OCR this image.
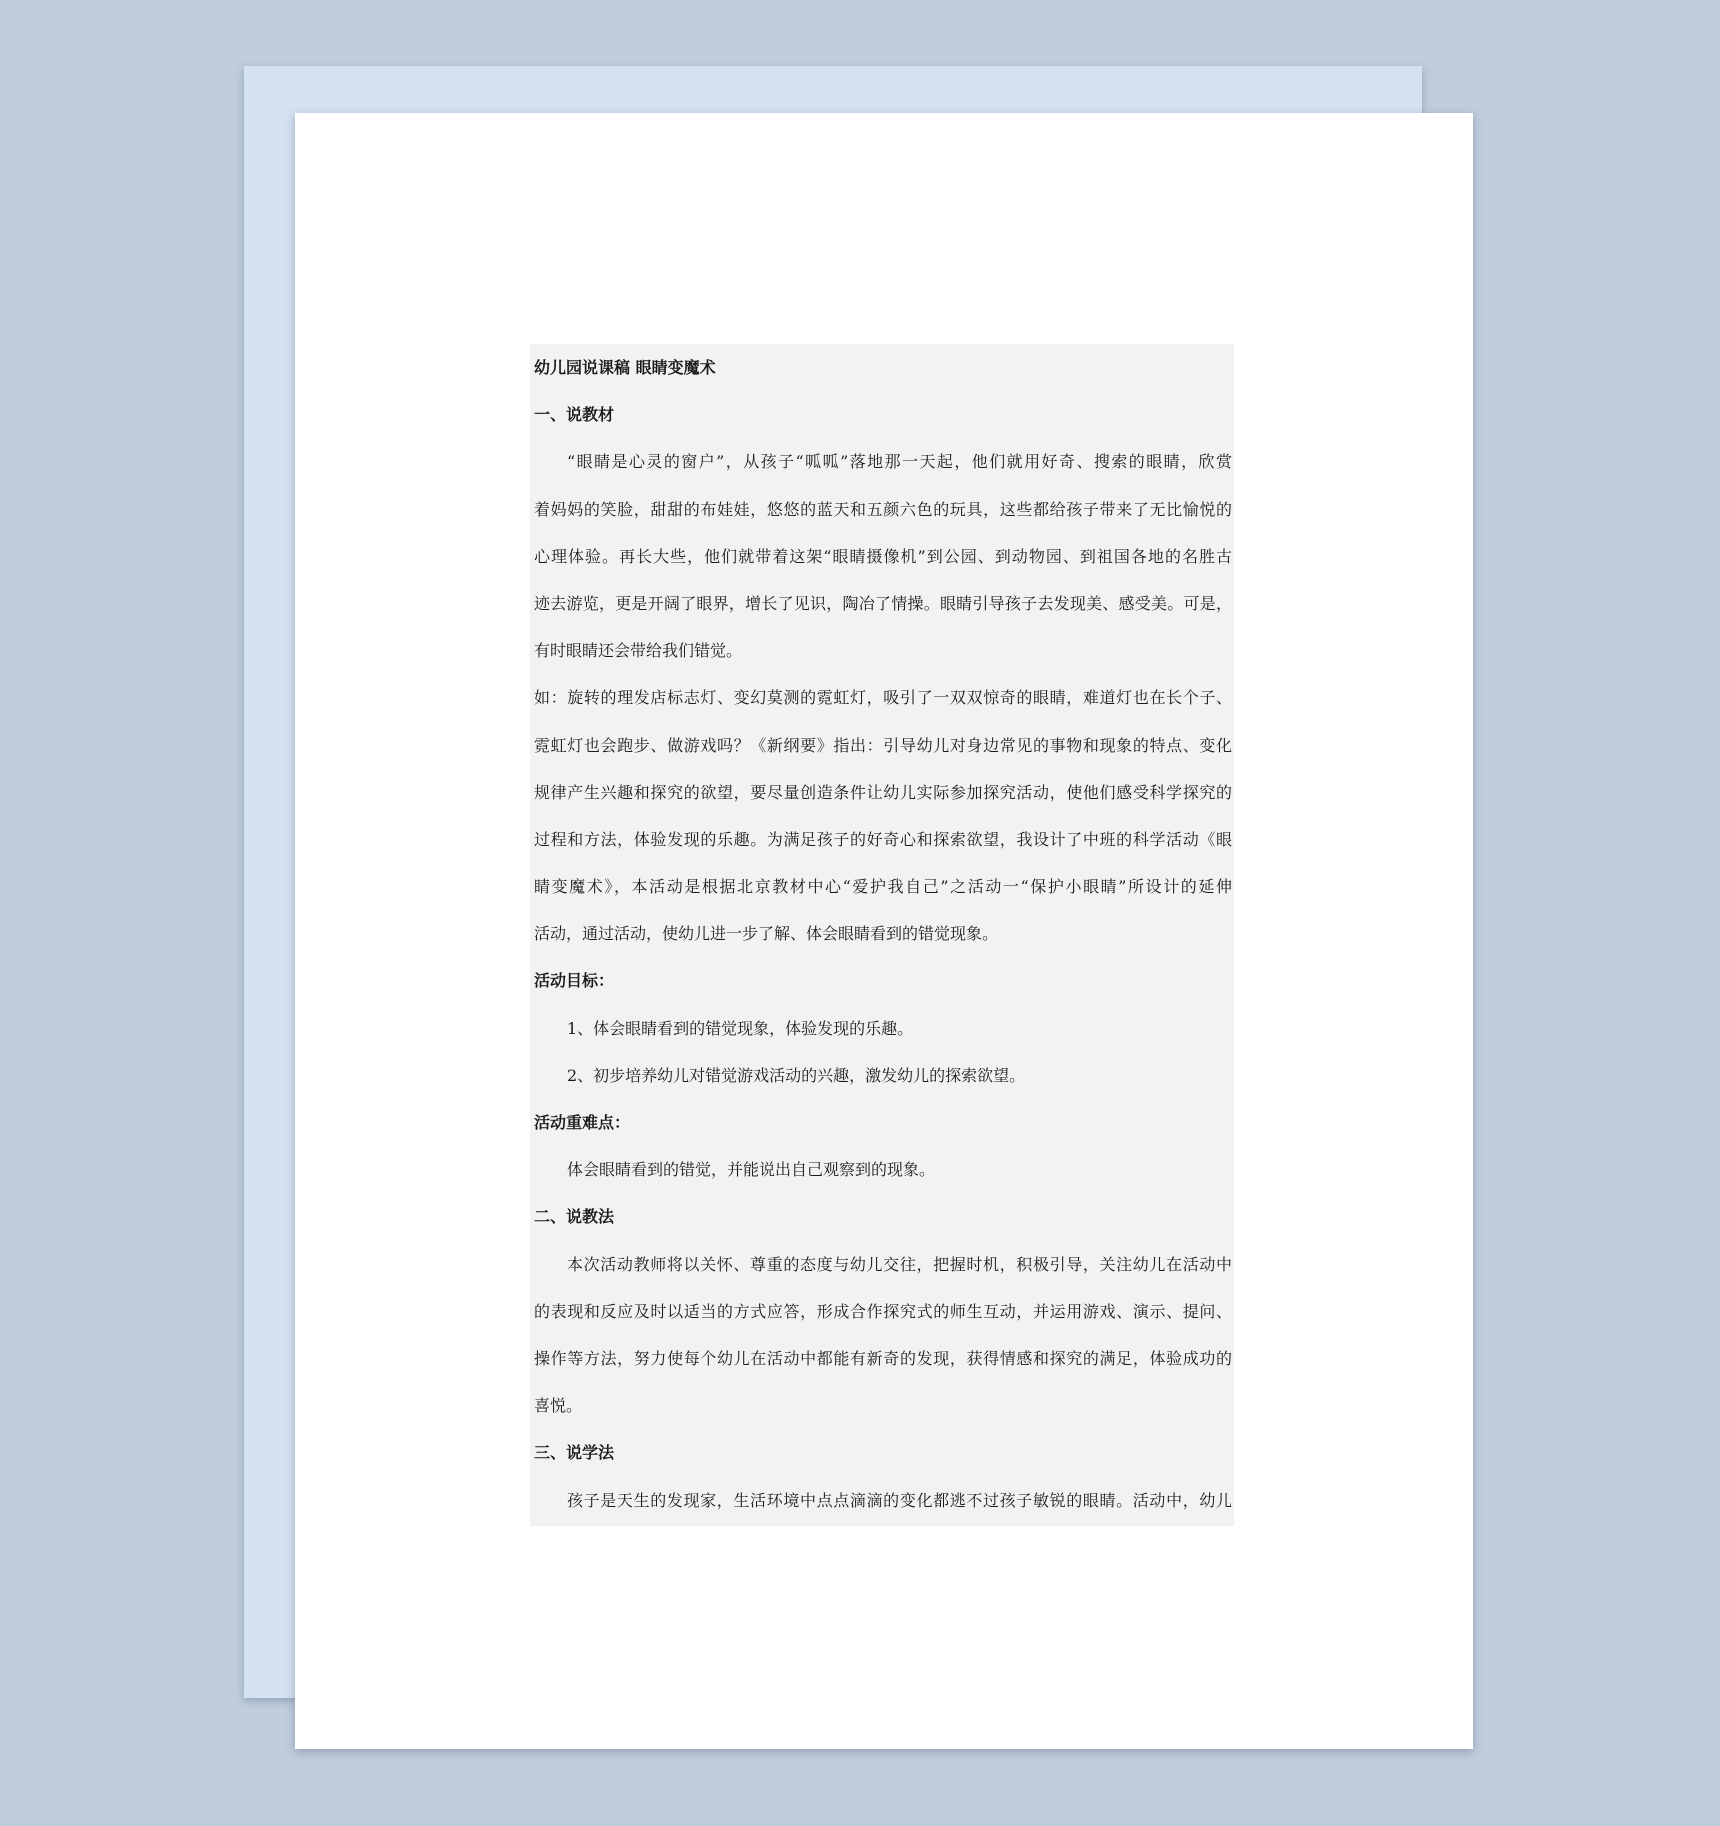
幼儿园说课稿 眼睛变魔术
一、说教材
“眼睛是心灵的窗户”，从孩子“呱呱”落地那一天起，他们就用好奇、搜索的眼睛，欣赏
着妈妈的笑脸，甜甜的布娃娃，悠悠的蓝天和五颜六色的玩具，这些都给孩子带来了无比愉悦的
心理体验。再长大些，他们就带着这架“眼睛摄像机”到公园、到动物园、到祖国各地的名胜古
迹去游览，更是开阔了眼界，增长了见识，陶冶了情操。眼睛引导孩子去发现美、感受美。可是，
有时眼睛还会带给我们错觉。
如：旋转的理发店标志灯、变幻莫测的霓虹灯，吸引了一双双惊奇的眼睛，难道灯也在长个子、
霓虹灯也会跑步、做游戏吗？《新纲要》指出：引导幼儿对身边常见的事物和现象的特点、变化
规律产生兴趣和探究的欲望，要尽量创造条件让幼儿实际参加探究活动，使他们感受科学探究的
过程和方法，体验发现的乐趣。为满足孩子的好奇心和探索欲望，我设计了中班的科学活动《眼
睛变魔术》，本活动是根据北京教材中心“爱护我自己”之活动一“保护小眼睛”所设计的延伸
活动，通过活动，使幼儿进一步了解、体会眼睛看到的错觉现象。
活动目标：
1、体会眼睛看到的错觉现象，体验发现的乐趣。
2、初步培养幼儿对错觉游戏活动的兴趣，激发幼儿的探索欲望。
活动重难点：
体会眼睛看到的错觉，并能说出自己观察到的现象。
二、说教法
本次活动教师将以关怀、尊重的态度与幼儿交往，把握时机，积极引导，关注幼儿在活动中
的表现和反应及时以适当的方式应答，形成合作探究式的师生互动，并运用游戏、演示、提问、
操作等方法，努力使每个幼儿在活动中都能有新奇的发现，获得情感和探究的满足，体验成功的
喜悦。
三、说学法
孩子是天生的发现家，生活环境中点点滴滴的变化都逃不过孩子敏锐的眼睛。活动中，幼儿
